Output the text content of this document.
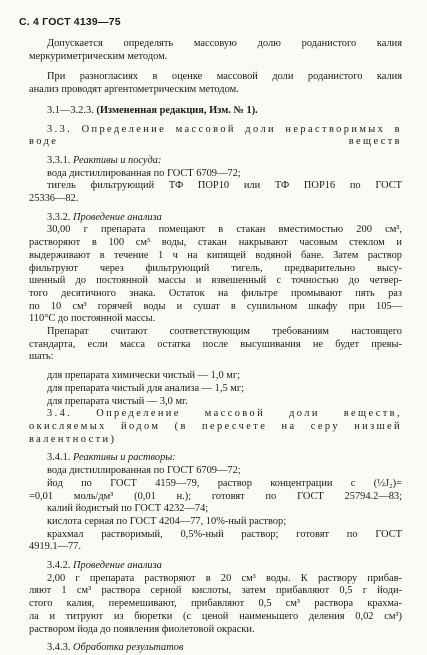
С. 4 ГОСТ 4139—75

Допускается определять массовую долю роданистого калия

меркуриметрическим методом.

При разногласиях в оценке массовой доли роданистого калия

анализ проводят аргентометрическим методом.

3.1—3.2.3. (Измененная редакция, Изм. № 1).

3.3. Определение массовой доли нерастворимых в воде веществ

3.3.1. Реактивы и посуда:

вода дистиллированная по ГОСТ 6709—72;

тигель фильтрующий ТФ ПОР10 или ТФ ПОР16 по ГОСТ

25336—82.

3.3.2. Проведение анализа

30,00 г препарата помещают в стакан вместимостью 200 см³,

растворяют в 100 см³ воды, стакан накрывают часовым стеклом и

выдерживают в течение 1 ч на кипящей водяной бане. Затем раствор

фильтруют через фильтрующий тигель, предварительно высу-

шенный до постоянной массы и взвешенный с точностью до четвер-

того десятичного знака. Остаток на фильтре промывают пять раз

по 10 см³ горячей воды и сушат в сушильном шкафу при 105—

110°С до постоянной массы.

Препарат считают соответствующим требованиям настоящего

стандарта, если масса остатка после высушивания не будет превы-

шать:

для препарата химически чистый — 1,0 мг;

для препарата чистый для анализа — 1,5 мг;

для препарата чистый — 3,0 мг.

3.4. Определение массовой доли веществ, окисляемых йодом (в пересчете на серу низшей валентности)

3.4.1. Реактивы и растворы:

вода дистиллированная по ГОСТ 6709—72;

йод по ГОСТ 4159—79, раствор концентрации с (½J₂)=

=0,01 моль/дм³ (0,01 н.); готовят по ГОСТ 25794.2—83;

калий йодистый по ГОСТ 4232—74;

кислота серная по ГОСТ 4204—77, 10%-ный раствор;

крахмал растворимый, 0,5%-ный раствор; готовят по ГОСТ

4919.1—77.

3.4.2. Проведение анализа

2,00 г препарата растворяют в 20 см³ воды. К раствору прибав-

ляют 1 см³ раствора серной кислоты, затем прибавляют 0,5 г йоди-

стого калия, перемешивают, прибавляют 0,5 см³ раствора крахма-

ла и титруют из бюретки (с ценой наименьшего деления 0,02 см³)

раствором йода до появления фиолетовой окраски.

3.4.3. Обработка результатов
